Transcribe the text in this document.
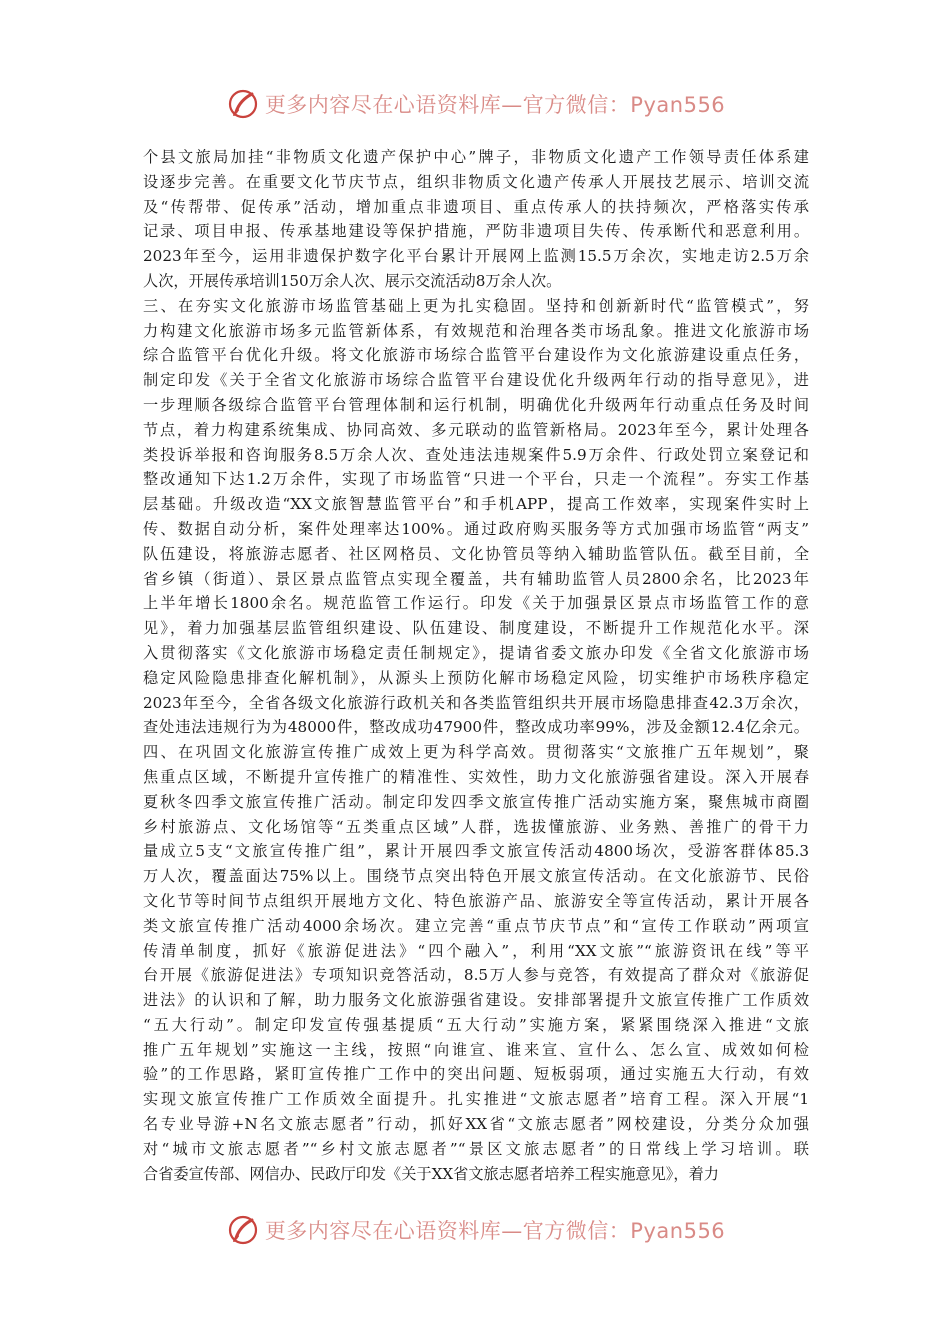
更多内容尽在心语资料库—官方微信：Pyan556
个县文旅局加挂“非物质文化遗产保护中心”牌子，非物质文化遗产工作领导责任体系建
设逐步完善。在重要文化节庆节点，组织非物质文化遗产传承人开展技艺展示、培训交流
及“传帮带、促传承”活动，增加重点非遗项目、重点传承人的扶持频次，严格落实传承
记录、项目申报、传承基地建设等保护措施，严防非遗项目失传、传承断代和恶意利用。
2023年至今，运用非遗保护数字化平台累计开展网上监测15.5万余次，实地走访2.5万余
人次，开展传承培训150万余人次、展示交流活动8万余人次。
三、在夯实文化旅游市场监管基础上更为扎实稳固。坚持和创新新时代“监管模式”，努
力构建文化旅游市场多元监管新体系，有效规范和治理各类市场乱象。推进文化旅游市场
综合监管平台优化升级。将文化旅游市场综合监管平台建设作为文化旅游建设重点任务，
制定印发《关于全省文化旅游市场综合监管平台建设优化升级两年行动的指导意见》，进
一步理顺各级综合监管平台管理体制和运行机制，明确优化升级两年行动重点任务及时间
节点，着力构建系统集成、协同高效、多元联动的监管新格局。2023年至今，累计处理各
类投诉举报和咨询服务8.5万余人次、查处违法违规案件5.9万余件、行政处罚立案登记和
整改通知下达1.2万余件，实现了市场监管“只进一个平台，只走一个流程”。夯实工作基
层基础。升级改造“XX文旅智慧监管平台”和手机APP，提高工作效率，实现案件实时上
传、数据自动分析，案件处理率达100%。通过政府购买服务等方式加强市场监管“两支”
队伍建设，将旅游志愿者、社区网格员、文化协管员等纳入辅助监管队伍。截至目前，全
省乡镇（街道）、景区景点监管点实现全覆盖，共有辅助监管人员2800余名，比2023年
上半年增长1800余名。规范监管工作运行。印发《关于加强景区景点市场监管工作的意
见》，着力加强基层监管组织建设、队伍建设、制度建设，不断提升工作规范化水平。深
入贯彻落实《文化旅游市场稳定责任制规定》，提请省委文旅办印发《全省文化旅游市场
稳定风险隐患排查化解机制》，从源头上预防化解市场稳定风险，切实维护市场秩序稳定
2023年至今，全省各级文化旅游行政机关和各类监管组织共开展市场隐患排查42.3万余次，
查处违法违规行为为48000件，整改成功47900件，整改成功率99%，涉及金额12.4亿余元。
四、在巩固文化旅游宣传推广成效上更为科学高效。贯彻落实“文旅推广五年规划”，聚
焦重点区域，不断提升宣传推广的精准性、实效性，助力文化旅游强省建设。深入开展春
夏秋冬四季文旅宣传推广活动。制定印发四季文旅宣传推广活动实施方案，聚焦城市商圈
乡村旅游点、文化场馆等“五类重点区域”人群，选拔懂旅游、业务熟、善推广的骨干力
量成立5支“文旅宣传推广组”，累计开展四季文旅宣传活动4800场次，受游客群体85.3
万人次，覆盖面达75%以上。围绕节点突出特色开展文旅宣传活动。在文化旅游节、民俗
文化节等时间节点组织开展地方文化、特色旅游产品、旅游安全等宣传活动，累计开展各
类文旅宣传推广活动4000余场次。建立完善“重点节庆节点”和“宣传工作联动”两项宣
传清单制度，抓好《旅游促进法》“四个融入”，利用“XX文旅”“旅游资讯在线”等平
台开展《旅游促进法》专项知识竞答活动，8.5万人参与竞答，有效提高了群众对《旅游促
进法》的认识和了解，助力服务文化旅游强省建设。安排部署提升文旅宣传推广工作质效
“五大行动”。制定印发宣传强基提质“五大行动”实施方案，紧紧围绕深入推进“文旅
推广五年规划”实施这一主线，按照“向谁宣、谁来宣、宣什么、怎么宣、成效如何检
验”的工作思路，紧盯宣传推广工作中的突出问题、短板弱项，通过实施五大行动，有效
实现文旅宣传推广工作质效全面提升。扎实推进“文旅志愿者”培育工程。深入开展“1
名专业导游+N名文旅志愿者”行动，抓好XX省“文旅志愿者”网校建设，分类分众加强
对“城市文旅志愿者”“乡村文旅志愿者”“景区文旅志愿者”的日常线上学习培训。联
合省委宣传部、网信办、民政厅印发《关于XX省文旅志愿者培养工程实施意见》，着力
更多内容尽在心语资料库—官方微信：Pyan556
